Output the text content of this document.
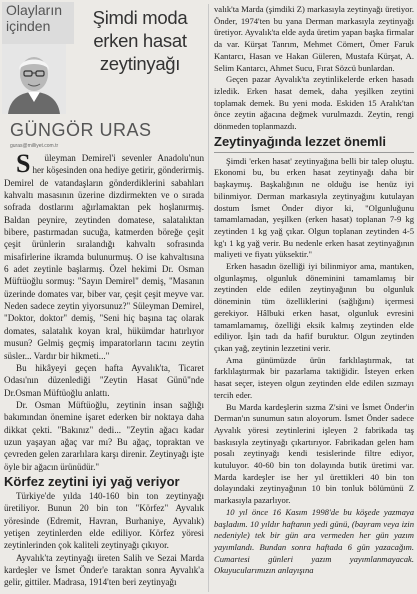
Olayların
içinden	Şimdi moda
erken hasat
zeytinyağı
GÜNGÖR URAS
guras@milliyet.com.tr

S üleyman Demirel'i sevenler Anadolu'nun her köşesinden ona hediye getirir, gönderirmiş. Demirel de vatandaşların gönderdiklerini sabahları kahvaltı masasının üzerine dizdirmekten ve o sırada sofrada dostlarını ağırlamaktan pek hoşlanırmış. Baldan peynire, zeytinden domatese, salatalıktan bibere, pastırmadan sucuğa, katmerden böreğe çeşit çeşit ürünlerin sıralandığı kahvaltı sofrasında misafirlerine ikramda bulunurmuş. O ise kahvaltısına 6 adet zeytinle başlarmış. Özel hekimi Dr. Osman Müftüoğlu sormuş: "Sayın Demirel" demiş, "Masanın üzerinde domates var, biber var, çeşit çeşit meyve var. Neden sadece zeytin yiyorsunuz?" Süleyman Demirel, "Doktor, doktor" demiş, "Seni hiç başına taç olarak domates, salatalık koyan kral, hükümdar hatırlıyor musun? Gelmiş geçmiş imparatorların tacını zeytin süsler... Vardır bir hikmeti..."

Bu hikâyeyi geçen hafta Ayvalık'ta, Ticaret Odası'nın düzenlediği "Zeytin Hasat Günü"nde Dr.Osman Müftüoğlu anlattı.

Dr. Osman Müftüoğlu, zeytinin insan sağlığı bakımından önemine işaret ederken bir noktaya daha dikkat çekti. "Bakınız" dedi... "Zeytin ağacı kadar uzun yaşayan ağaç var mı? Bu ağaç, topraktan ve çevreden gelen zararlılara karşı direnir. Zeytinyağı işte öyle bir ağacın ürünüdür."

Körfez zeytini iyi yağ veriyor

Türkiye'de yılda 140-160 bin ton zeytinyağı üretiliyor. Bunun 20 bin ton "Körfez" Ayvalık yöresinde (Edremit, Havran, Burhaniye, Ayvalık) yetişen zeytinlerden elde ediliyor. Körfez yöresi zeytinlerinden çok kaliteli zeytinyağı çıkıyor.

Ayvalık'ta zeytinyağı üreten Salih ve Sezai Marda kardeşler ve İsmet Önder'e taraktan sonra Ayvalık'a gelir, gittiler. Madrasa, 1914'ten beri zeytinyağı

valık'ta Marda (şimdiki Z) markasıyla zeytinyağı üretiyor. Önder, 1974'ten bu yana Derman markasıyla zeytinyağı üretiyor. Ayvalık'ta elde ayda üretim yapan başka firmalar da var. Kürşat Tanrım, Mehmet Cömert, Ömer Faruk Kantarcı, Hasan ve Hakan Güleren, Mustafa Kürşat, A. Selim Kantarcı, Ahmet Sucu, Fırat Sözcü bunlardan.

Geçen pazar Ayvalık'ta zeytinlikelerde erken hasadı izledik. Erken hasat demek, daha yeşilken zeytini toplamak demek. Bu yeni moda. Eskiden 15 Aralık'tan önce zeytin ağacına değmek vurulmazdı. Zeytin, rengi dönmeden toplanmazdı.

Zeytinyağında lezzet önemli

Şimdi 'erken hasat' zeytinyağına belli bir talep oluştu. Ekonomi bu, bu erken hasat zeytinyağı daha bir başkaymış. Başkalığının ne olduğu ise henüz iyi bilinmiyor. Derman markasıyla zeytinyağını kutulayan dostum İsmet Önder diyor ki, "Olgunluğunu tamamlamadan, yeşilken (erken hasat) toplanan 7-9 kg zeytinden 1 kg yağ çıkar. Olgun toplanan zeytinden 4-5 kg'ı 1 kg yağ verir. Bu nedenle erken hasat zeytinyağının maliyeti ve fiyatı yüksektir."

Erken hasadın özelliği iyi bilinmiyor ama, mantıken, olgunlaşmış, olgunluk döneminini tamamlamış bir zeytinden elde edilen zeytinyağının bu olgunluk döneminin tüm özelliklerini (sağlığını) içermesi gerekiyor. Hâlbuki erken hasat, olgunluk evresini tamamlamamış, özelliği eksik kalmış zeytinden elde ediliyor. İşin tadı da hafif buruktur. Olgun zeytinden çıkan yağ, zeytinin lezzetini verir.

Ama günümüzde ürün farklılaştırmak, tat farklılaştırmak bir pazarlama taktiğidir. İsteyen erken hasat seçer, isteyen olgun zeytinden elde edilen sızmayı tercih eder.

Bu Marda kardeşlerin sızma Z'sini ve İsmet Önder'in Derman'ın sunumun satın aloyorum. İsmet Önder sadece Ayvalık yöresi zeytinlerini işleyen 2 fabrikada taş baskısıyla zeytinyağı çıkartırıyor. Fabrikadan gelen ham posalı zeytinyağı kendi tesislerinde filtre ediyor, kutuluyor. 40-60 bin ton dolayında butik üretimi var. Marda kardeşler ise her yıl ürettikleri 40 bin ton dolayındaki zeytinyağının 10 bin tonluk bölümünü Z markasıyla pazarlıyor.

10 yıl önce 16 Kasım 1998'de bu köşede yazmaya başladım. 10 yıldır haftanın yedi günü, (bayram veya izin nedeniyle) tek bir gün ara vermeden her gün yazım yayımlandı. Bundan sonra haftada 6 gün yazacağım. Cumartesi günleri yazım yayımlanmayacak. Okuyucularımızın anlayışına
